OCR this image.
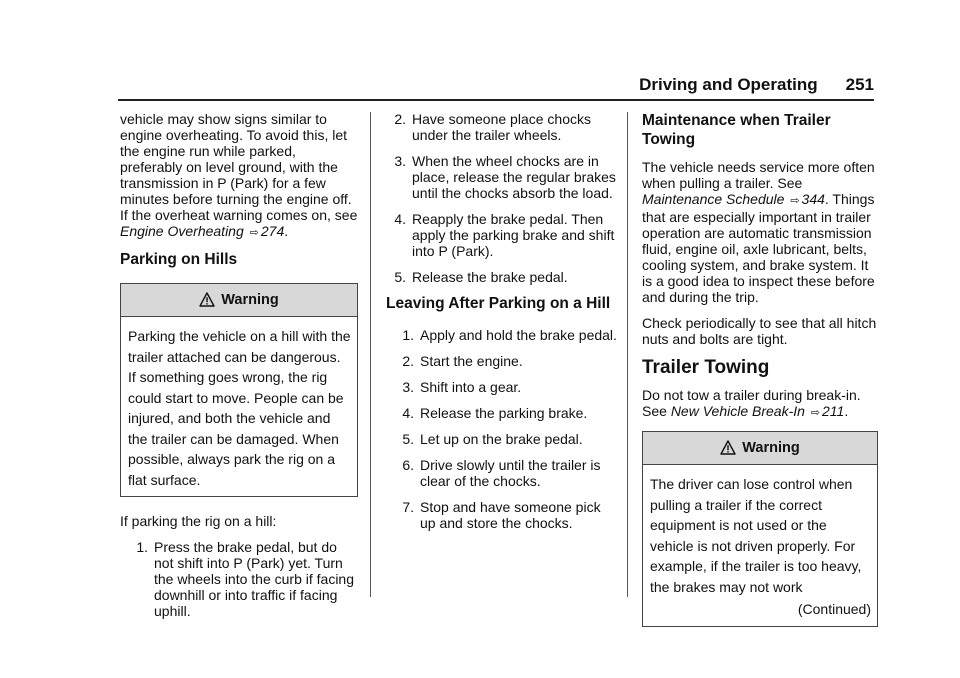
Driving and Operating 251

vehicle may show signs similar to engine overheating. To avoid this, let the engine run while parked, preferably on level ground, with the transmission in P (Park) for a few minutes before turning the engine off. If the overheat warning comes on, see Engine Overheating ⇨ 274.

Parking on Hills
Warning
Parking the vehicle on a hill with the trailer attached can be dangerous. If something goes wrong, the rig could start to move. People can be injured, and both the vehicle and the trailer can be damaged. When possible, always park the rig on a flat surface.

If parking the rig on a hill:

1. Press the brake pedal, but do not shift into P (Park) yet. Turn the wheels into the curb if facing downhill or into traffic if facing uphill.
2. Have someone place chocks under the trailer wheels.
3. When the wheel chocks are in place, release the regular brakes until the chocks absorb the load.
4. Reapply the brake pedal. Then apply the parking brake and shift into P (Park).
5. Release the brake pedal.
Leaving After Parking on a Hill
1. Apply and hold the brake pedal.
2. Start the engine.
3. Shift into a gear.
4. Release the parking brake.
5. Let up on the brake pedal.
6. Drive slowly until the trailer is clear of the chocks.
7. Stop and have someone pick up and store the chocks.
Maintenance when Trailer Towing

The vehicle needs service more often when pulling a trailer. See Maintenance Schedule ⇨ 344. Things that are especially important in trailer operation are automatic transmission fluid, engine oil, axle lubricant, belts, cooling system, and brake system. It is a good idea to inspect these before and during the trip.

Check periodically to see that all hitch nuts and bolts are tight.

Trailer Towing

Do not tow a trailer during break-in. See New Vehicle Break-In ⇨ 211.

Warning
The driver can lose control when pulling a trailer if the correct equipment is not used or the vehicle is not driven properly. For example, if the trailer is too heavy, the brakes may not work
(Continued)
